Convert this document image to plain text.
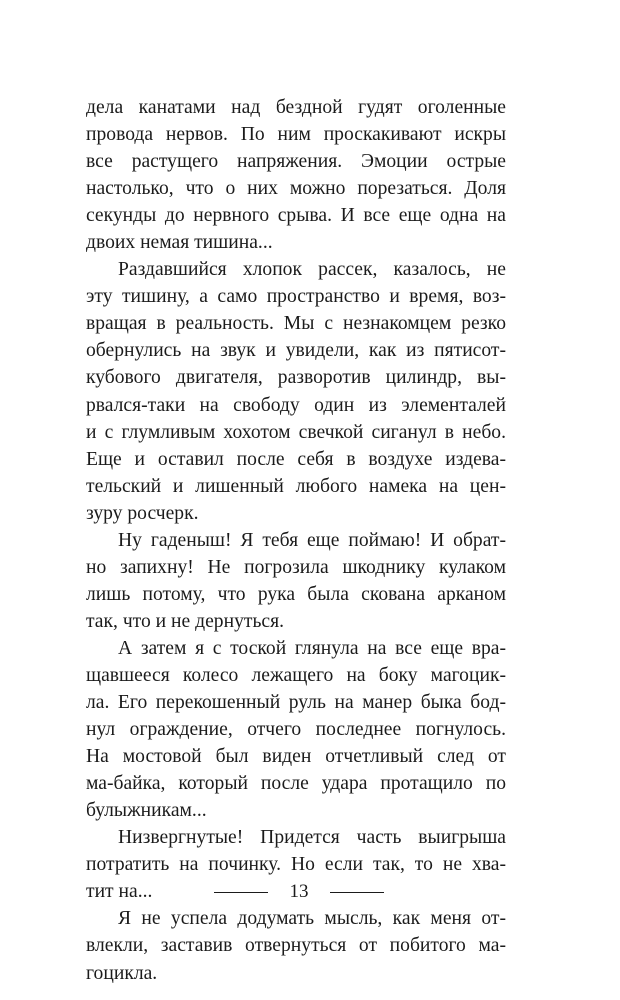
дела канатами над бездной гудят оголенные
провода нервов. По ним проскакивают искры
все растущего напряжения. Эмоции острые
настолько, что о них можно порезаться. Доля
секунды до нервного срыва. И все еще одна на
двоих немая тишина...
Раздавшийся хлопок рассек, казалось, не
эту тишину, а само пространство и время, воз-
вращая в реальность. Мы с незнакомцем резко
обернулись на звук и увидели, как из пятисот-
кубового двигателя, разворотив цилиндр, вы-
рвался-таки на свободу один из элементалей
и с глумливым хохотом свечкой сиганул в небо.
Еще и оставил после себя в воздухе издева-
тельский и лишенный любого намека на цен-
зуру росчерк.
Ну гаденыш! Я тебя еще поймаю! И обрат-
но запихну! Не погрозила шкоднику кулаком
лишь потому, что рука была скована арканом
так, что и не дернуться.
А затем я с тоской глянула на все еще вра-
щавшееся колесо лежащего на боку магоцик-
ла. Его перекошенный руль на манер быка бод-
нул ограждение, отчего последнее погнулось.
На мостовой был виден отчетливый след от
ма-байка, который после удара протащило по
булыжникам...
Низвергнутые! Придется часть выигрыша
потратить на починку. Но если так, то не хва-
тит на...
Я не успела додумать мысль, как меня от-
влекли, заставив отвернуться от побитого ма-
гоцикла.
13
